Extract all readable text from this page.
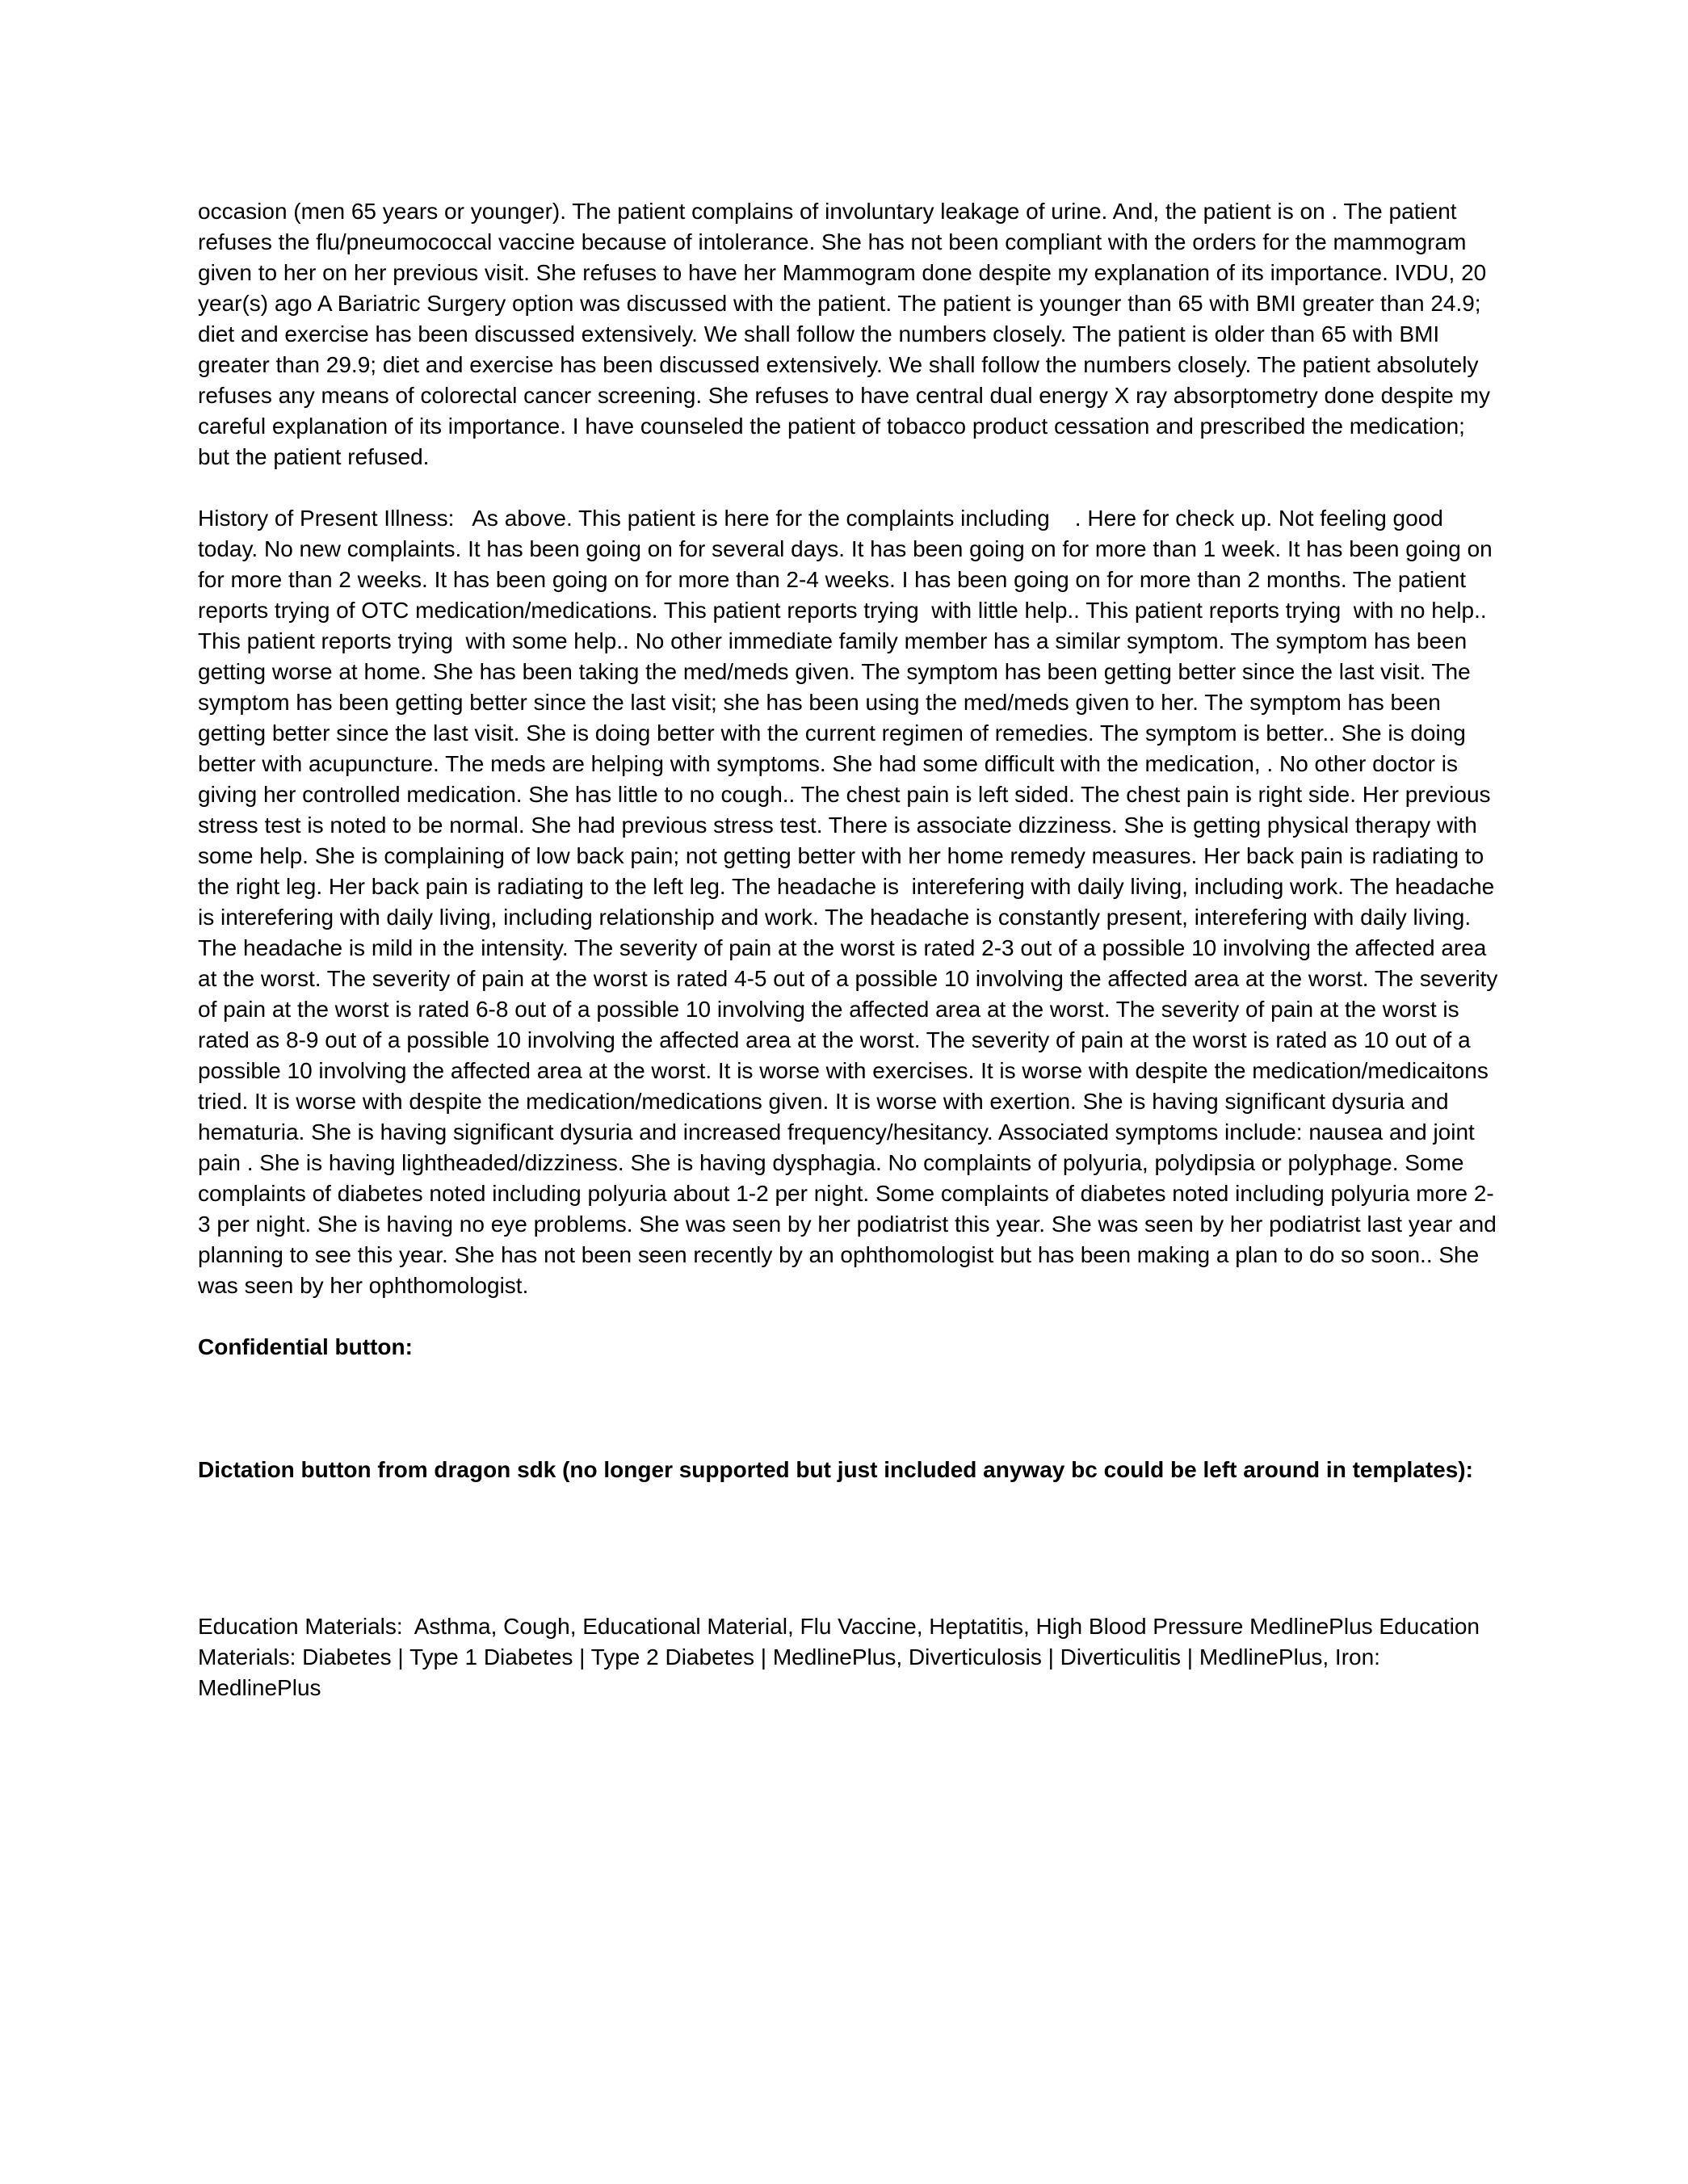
occasion (men 65 years or younger). The patient complains of involuntary leakage of urine. And, the patient is on . The patient refuses the flu/pneumococcal vaccine because of intolerance. She has not been compliant with the orders for the mammogram given to her on her previous visit. She refuses to have her Mammogram done despite my explanation of its importance. IVDU, 20 year(s) ago A Bariatric Surgery option was discussed with the patient. The patient is younger than 65 with BMI greater than 24.9; diet and exercise has been discussed extensively. We shall follow the numbers closely. The patient is older than 65 with BMI greater than 29.9; diet and exercise has been discussed extensively. We shall follow the numbers closely. The patient absolutely refuses any means of colorectal cancer screening. She refuses to have central dual energy X ray absorptometry done despite my careful explanation of its importance. I have counseled the patient of tobacco product cessation and prescribed the medication; but the patient refused.

History of Present Illness:   As above. This patient is here for the complaints including    . Here for check up. Not feeling good today. No new complaints. It has been going on for several days. It has been going on for more than 1 week. It has been going on for more than 2 weeks. It has been going on for more than 2-4 weeks. I has been going on for more than 2 months. The patient reports trying of OTC medication/medications. This patient reports trying  with little help.. This patient reports trying  with no help.. This patient reports trying  with some help.. No other immediate family member has a similar symptom. The symptom has been getting worse at home. She has been taking the med/meds given. The symptom has been getting better since the last visit. The symptom has been getting better since the last visit; she has been using the med/meds given to her. The symptom has been getting better since the last visit. She is doing better with the current regimen of remedies. The symptom is better.. She is doing better with acupuncture. The meds are helping with symptoms. She had some difficult with the medication, . No other doctor is giving her controlled medication. She has little to no cough.. The chest pain is left sided. The chest pain is right side. Her previous stress test is noted to be normal. She had previous stress test. There is associate dizziness. She is getting physical therapy with some help. She is complaining of low back pain; not getting better with her home remedy measures. Her back pain is radiating to the right leg. Her back pain is radiating to the left leg. The headache is  interefering with daily living, including work. The headache is interefering with daily living, including relationship and work. The headache is constantly present, interefering with daily living. The headache is mild in the intensity. The severity of pain at the worst is rated 2-3 out of a possible 10 involving the affected area at the worst. The severity of pain at the worst is rated 4-5 out of a possible 10 involving the affected area at the worst. The severity of pain at the worst is rated 6-8 out of a possible 10 involving the affected area at the worst. The severity of pain at the worst is rated as 8-9 out of a possible 10 involving the affected area at the worst. The severity of pain at the worst is rated as 10 out of a possible 10 involving the affected area at the worst. It is worse with exercises. It is worse with despite the medication/medicaitons tried. It is worse with despite the medication/medications given. It is worse with exertion. She is having significant dysuria and hematuria. She is having significant dysuria and increased frequency/hesitancy. Associated symptoms include: nausea and joint pain . She is having lightheaded/dizziness. She is having dysphagia. No complaints of polyuria, polydipsia or polyphage. Some complaints of diabetes noted including polyuria about 1-2 per night. Some complaints of diabetes noted including polyuria more 2-3 per night. She is having no eye problems. She was seen by her podiatrist this year. She was seen by her podiatrist last year and planning to see this year. She has not been seen recently by an ophthomologist but has been making a plan to do so soon.. She was seen by her ophthomologist.

Confidential button:

Dictation button from dragon sdk (no longer supported but just included anyway bc could be left around in templates):

Education Materials:  Asthma, Cough, Educational Material, Flu Vaccine, Heptatitis, High Blood Pressure MedlinePlus Education Materials: Diabetes | Type 1 Diabetes | Type 2 Diabetes | MedlinePlus, Diverticulosis | Diverticulitis | MedlinePlus, Iron: MedlinePlus
